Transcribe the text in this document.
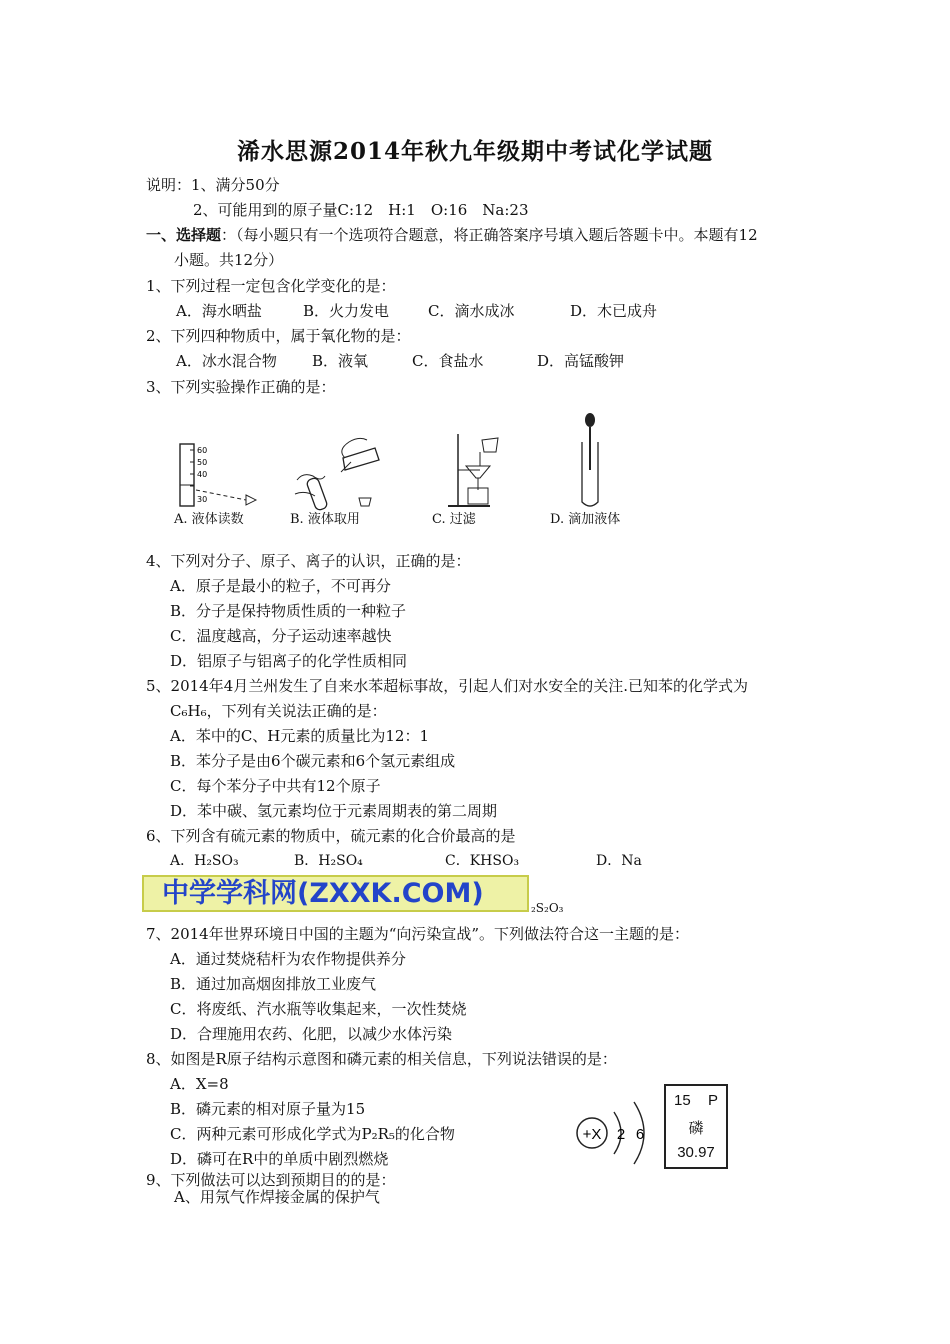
浠水思源2014年秋九年级期中考试化学试题
说明：1、满分50分
2、可能用到的原子量C:12　H:1　O:16　Na:23
一、选择题：（每小题只有一个选项符合题意，将正确答案序号填入题后答题卡中。本题有12
小题。共12分）
1、下列过程一定包含化学变化的是：
A．海水晒盐	B．火力发电	C．滴水成冰	D．木已成舟
2、下列四种物质中，属于氧化物的是：
A．冰水混合物 B．液氧	C．食盐水	D．高锰酸钾
3、下列实验操作正确的是：
60
50
40
30
A. 液体读数	B. 液体取用	C. 过滤	D. 滴加液体
4、下列对分子、原子、离子的认识，正确的是：
A．原子是最小的粒子，不可再分
B．分子是保持物质性质的一种粒子
C．温度越高，分子运动速率越快
D．铝原子与铝离子的化学性质相同
5、2014年4月兰州发生了自来水苯超标事故，引起人们对水安全的关注.已知苯的化学式为
C₆H₆，下列有关说法正确的是：
A．苯中的C、H元素的质量比为12：1
B．苯分子是由6个碳元素和6个氢元素组成
C．每个苯分子中共有12个原子
D．苯中碳、氢元素均位于元素周期表的第二周期
6、下列含有硫元素的物质中，硫元素的化合价最高的是
A．H₂SO₃	B．H₂SO₄	C．KHSO₃	D．Na
中学学科网(ZXXK.COM)	₂S₂O₃
7、2014年世界环境日中国的主题为“向污染宣战”。下列做法符合这一主题的是：
A．通过焚烧秸杆为农作物提供养分
B．通过加高烟囱排放工业废气
C．将废纸、汽水瓶等收集起来，一次性焚烧
D．合理施用农药、化肥，以减少水体污染
8、如图是R原子结构示意图和磷元素的相关信息，下列说法错误的是：
A．X=8
B．磷元素的相对原子量为15
C．两种元素可形成化学式为P₂R₅的化合物
D．磷可在R中的单质中剧烈燃烧
+X 2 6
15 P
磷
30.97
9、下列做法可以达到预期目的的是：
A、用氖气作焊接金属的保护气
